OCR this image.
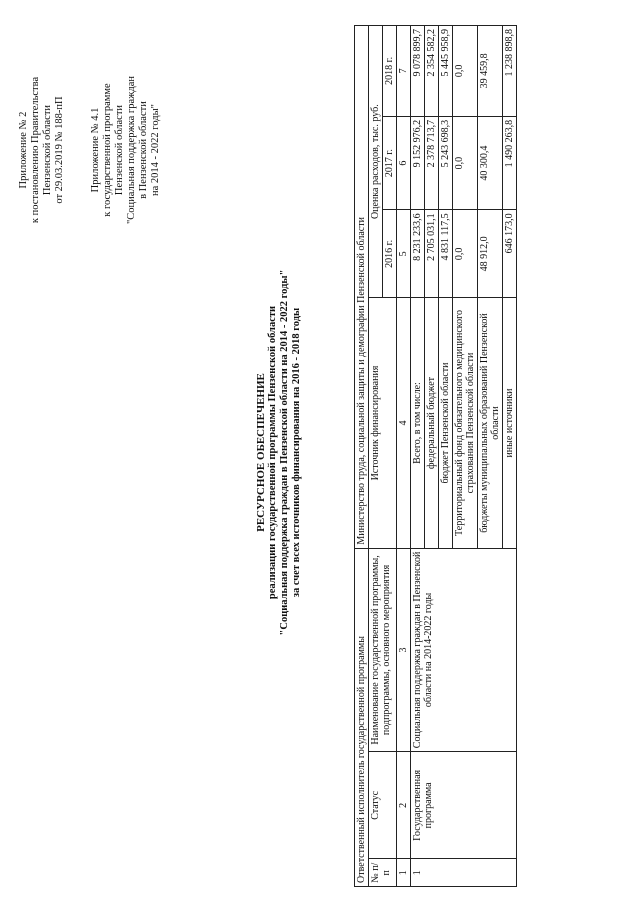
Приложение № 2 к постановлению Правительства Пензенской области от 29.03.2019 № 188-пП Приложение № 4.1 к государственной программе Пензенской области "Социальная поддержка граждан в Пензенской области на 2014 - 2022 годы"
РЕСУРСНОЕ ОБЕСПЕЧЕНИЕ реализации государственной программы Пензенской области "Социальная поддержка граждан в Пензенской области на 2014 - 2022 годы" за счет всех источников финансирования на 2016 - 2018 годы
Ответственный исполнитель государственной программы			Министерство труда, социальной защиты и демографии Пензенской области			
№ п/п	Статус	Наименование государственной программы, подпрограммы, основного мероприятия	Источник финансирования	Оценка расходов, тыс. руб.		
				2016 г.	2017 г.	2018 г.
1	2	3	4	5	6	7
1	Государственная программа	Социальная поддержка граждан в Пензенской области на 2014-2022 годы	Всего, в том числе:	8 231 233,6	9 152 976,2	9 078 899,7
			федеральный бюджет	2 705 031,1	2 378 713,7	2 354 582,2
			бюджет Пензенской области	4 831 117,5	5 243 698,3	5 445 958,9
			Территориальный фонд обязательного медицинского страхования Пензенской области	0,0	0,0	0,0
			бюджеты муниципальных образований Пензенской области	48 912,0	40 300,4	39 459,8
			иные источники	646 173,0	1 490 263,8	1 238 898,8
